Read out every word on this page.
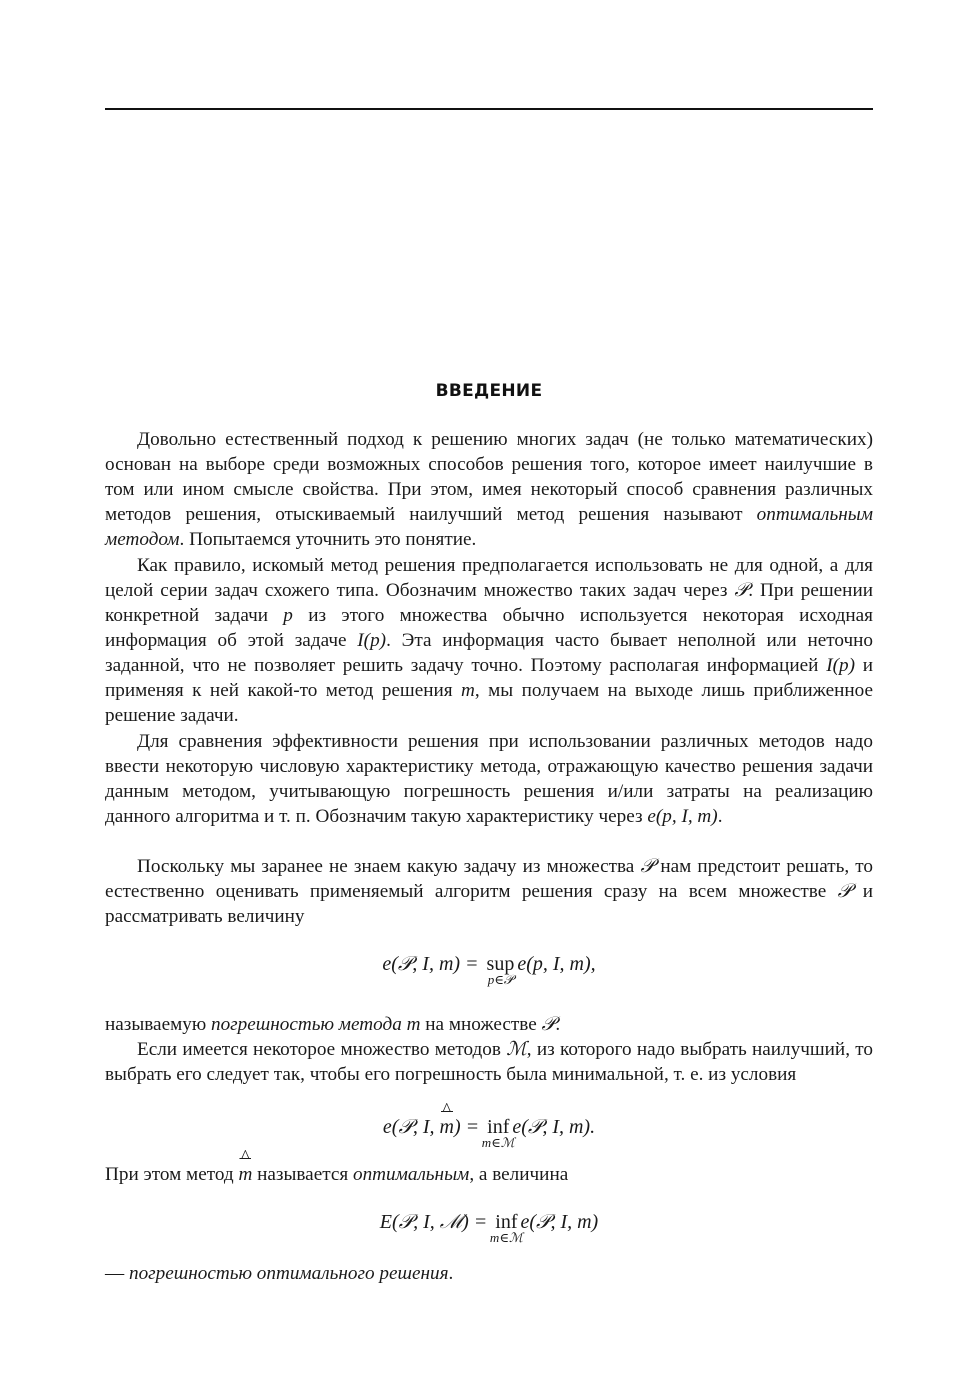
ВВЕДЕНИЕ

Довольно естественный подход к решению многих задач (не только математических) основан на выборе среди возможных способов решения того, которое имеет наилучшие в том или ином смысле свойства. При этом, имея некоторый способ сравнения различных методов решения, отыскиваемый наилучший метод решения называют оптимальным методом. Попытаемся уточнить это понятие.

Как правило, искомый метод решения предполагается использовать не для одной, а для целой серии задач схожего типа. Обозначим множество таких задач через 𝒫. При решении конкретной задачи p из этого множества обычно используется некоторая исходная информация об этой задаче I(p). Эта информация часто бывает неполной или неточно заданной, что не позволяет решить задачу точно. Поэтому располагая информацией I(p) и применяя к ней какой-то метод решения m, мы получаем на выходе лишь приближенное решение задачи.

Для сравнения эффективности решения при использовании различных методов надо ввести некоторую числовую характеристику метода, отражающую качество решения задачи данным методом, учитывающую погрешность решения и/или затраты на реализацию данного алгоритма и т. п. Обозначим такую характеристику через e(p, I, m).

Поскольку мы заранее не знаем какую задачу из множества 𝒫 нам предстоит решать, то естественно оценивать применяемый алгоритм решения сразу на всем множестве 𝒫 и рассматривать величину

e(𝒫, I, m) = sup
p∈𝒫
e(p, I, m),

называемую погрешностью метода m на множестве 𝒫.

Если имеется некоторое множество методов ℳ, из которого надо выбрать наилучший, то выбрать его следует так, чтобы его погрешность была минимальной, т. е. из условия

e(𝒫, I,
^
m) = inf
m∈ℳ
e(𝒫, I, m).

При этом метод
^
m называется оптимальным, а величина

E(𝒫, I, ℳ) = inf
m∈ℳ
e(𝒫, I, m)

— погрешностью оптимального решения.
